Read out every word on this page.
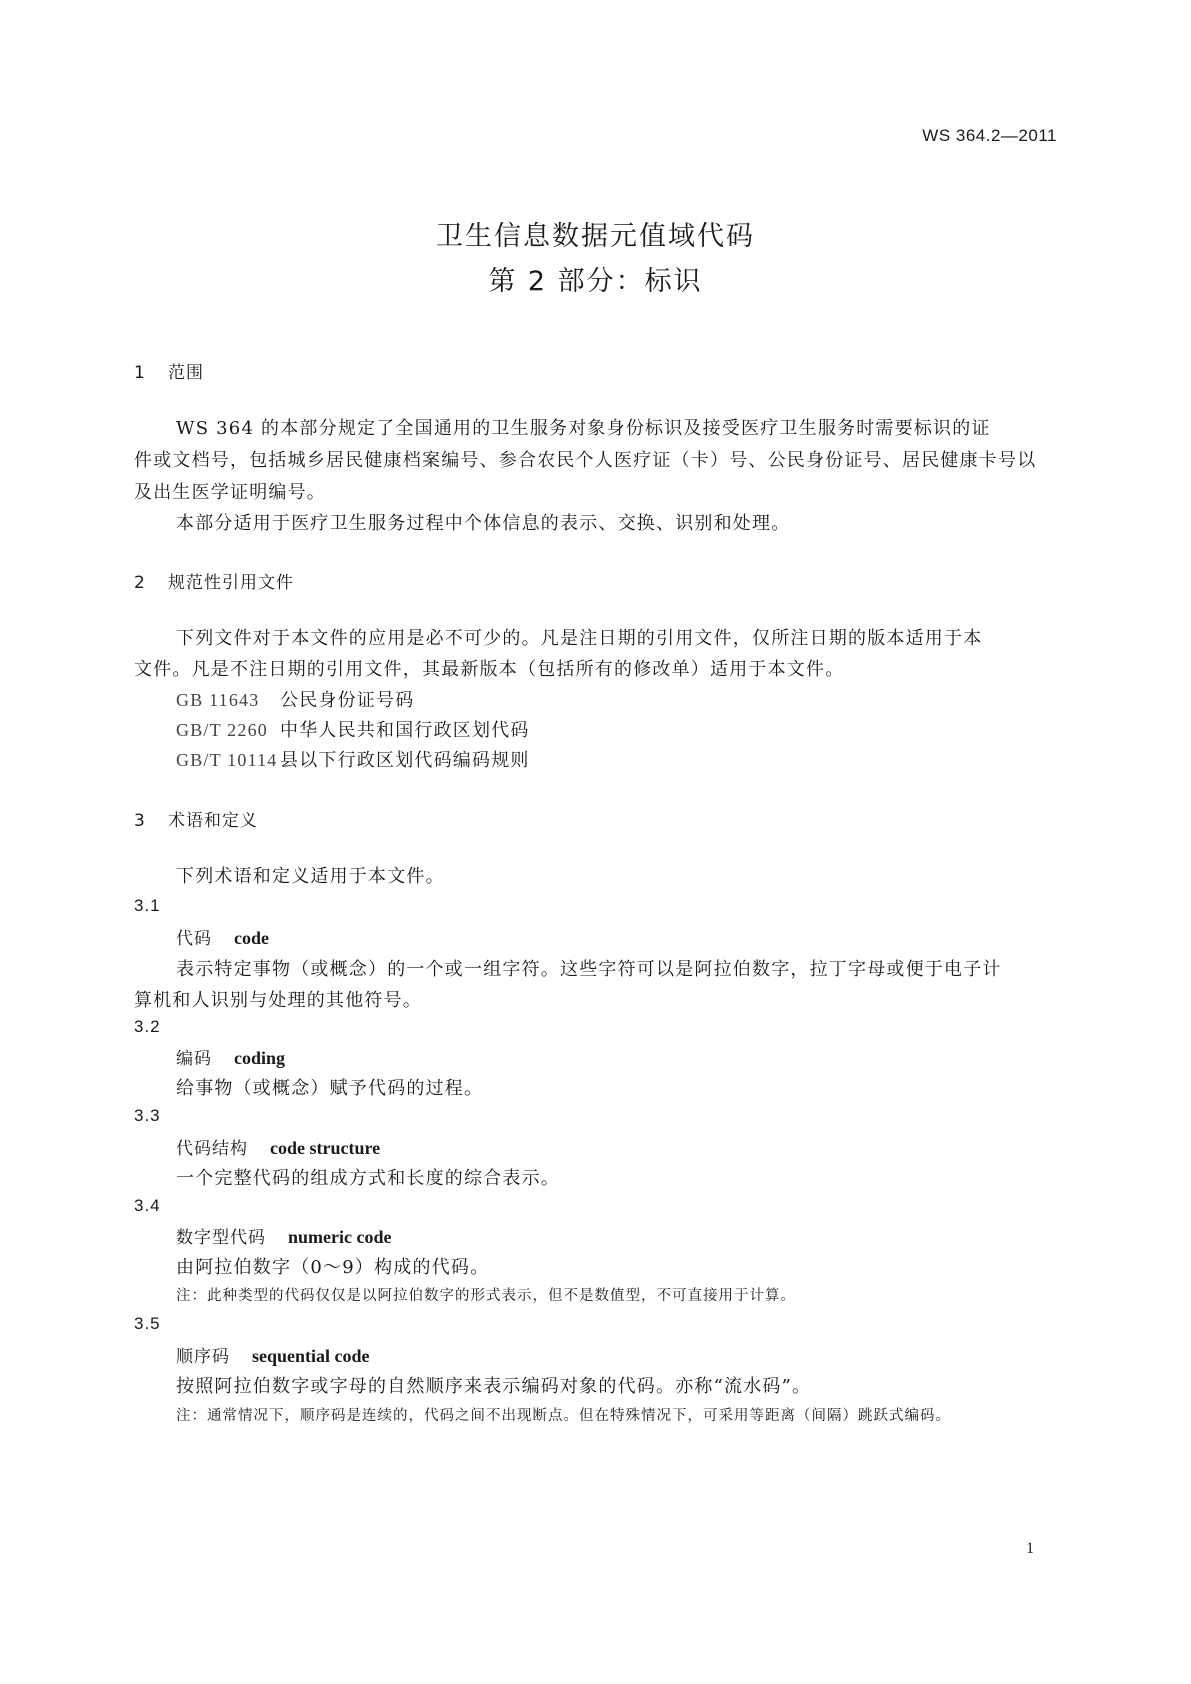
WS 364.2—2011
卫生信息数据元值域代码
第 2 部分：标识
1 范围
WS 364 的本部分规定了全国通用的卫生服务对象身份标识及接受医疗卫生服务时需要标识的证
件或文档号，包括城乡居民健康档案编号、参合农民个人医疗证（卡）号、公民身份证号、居民健康卡号以
及出生医学证明编号。
本部分适用于医疗卫生服务过程中个体信息的表示、交换、识别和处理。
2 规范性引用文件
下列文件对于本文件的应用是必不可少的。凡是注日期的引用文件，仅所注日期的版本适用于本
文件。凡是不注日期的引用文件，其最新版本（包括所有的修改单）适用于本文件。
GB 11643 公民身份证号码
GB/T 2260 中华人民共和国行政区划代码
GB/T 10114 县以下行政区划代码编码规则
3 术语和定义
下列术语和定义适用于本文件。
3.1
代码 code
表示特定事物（或概念）的一个或一组字符。这些字符可以是阿拉伯数字，拉丁字母或便于电子计
算机和人识别与处理的其他符号。
3.2
编码 coding
给事物（或概念）赋予代码的过程。
3.3
代码结构 code structure
一个完整代码的组成方式和长度的综合表示。
3.4
数字型代码 numeric code
由阿拉伯数字（0～9）构成的代码。
注：此种类型的代码仅仅是以阿拉伯数字的形式表示，但不是数值型，不可直接用于计算。
3.5
顺序码 sequential code
按照阿拉伯数字或字母的自然顺序来表示编码对象的代码。亦称“流水码”。
注：通常情况下，顺序码是连续的，代码之间不出现断点。但在特殊情况下，可采用等距离（间隔）跳跃式编码。
1
